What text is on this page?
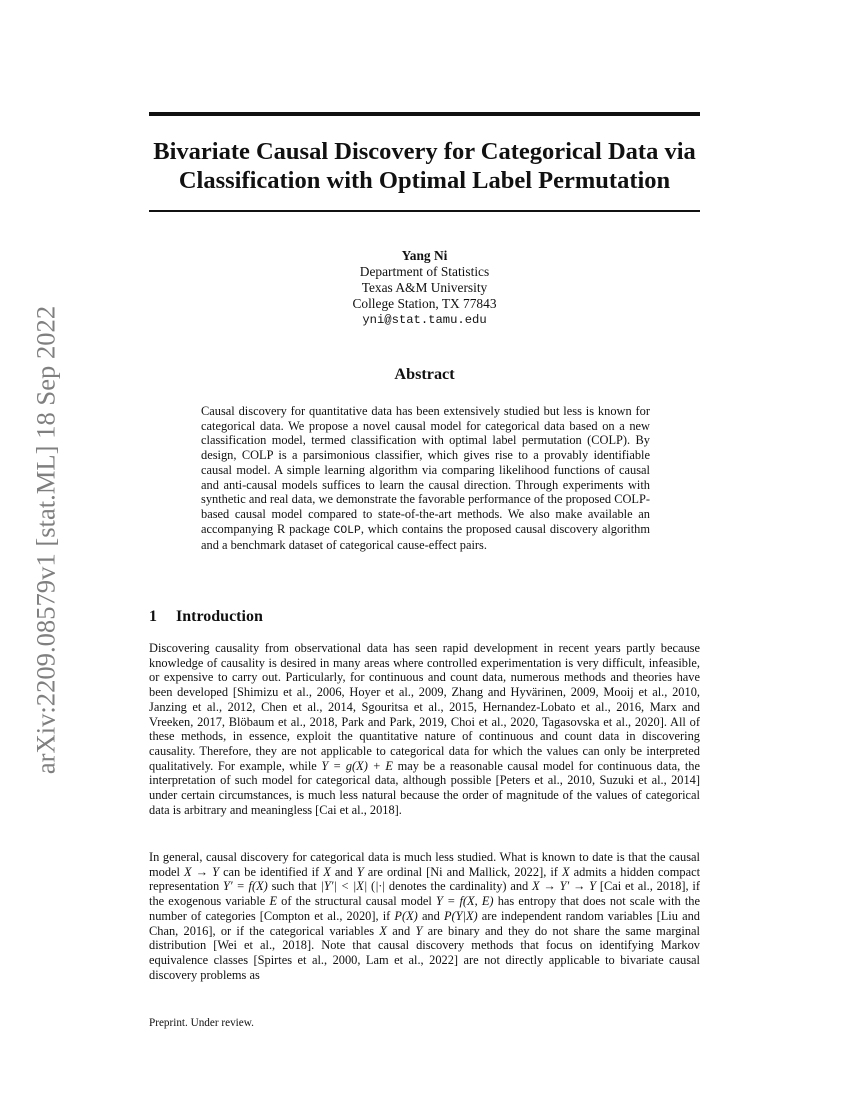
arXiv:2209.08579v1 [stat.ML] 18 Sep 2022
Bivariate Causal Discovery for Categorical Data via
Classification with Optimal Label Permutation
Yang Ni
Department of Statistics
Texas A&M University
College Station, TX 77843
yni@stat.tamu.edu
Abstract
Causal discovery for quantitative data has been extensively studied but less is known for categorical data. We propose a novel causal model for categorical data based on a new classification model, termed classification with optimal label permutation (COLP). By design, COLP is a parsimonious classifier, which gives rise to a provably identifiable causal model. A simple learning algorithm via comparing likelihood functions of causal and anti-causal models suffices to learn the causal direction. Through experiments with synthetic and real data, we demonstrate the favorable performance of the proposed COLP-based causal model compared to state-of-the-art methods. We also make available an accompanying R package COLP, which contains the proposed causal discovery algorithm and a benchmark dataset of categorical cause-effect pairs.
1 Introduction
Discovering causality from observational data has seen rapid development in recent years partly because knowledge of causality is desired in many areas where controlled experimentation is very difficult, infeasible, or expensive to carry out. Particularly, for continuous and count data, numerous methods and theories have been developed [Shimizu et al., 2006, Hoyer et al., 2009, Zhang and Hyvärinen, 2009, Mooij et al., 2010, Janzing et al., 2012, Chen et al., 2014, Sgouritsa et al., 2015, Hernandez-Lobato et al., 2016, Marx and Vreeken, 2017, Blöbaum et al., 2018, Park and Park, 2019, Choi et al., 2020, Tagasovska et al., 2020]. All of these methods, in essence, exploit the quantitative nature of continuous and count data in discovering causality. Therefore, they are not applicable to categorical data for which the values can only be interpreted qualitatively. For example, while Y = g(X) + E may be a reasonable causal model for continuous data, the interpretation of such model for categorical data, although possible [Peters et al., 2010, Suzuki et al., 2014] under certain circumstances, is much less natural because the order of magnitude of the values of categorical data is arbitrary and meaningless [Cai et al., 2018].
In general, causal discovery for categorical data is much less studied. What is known to date is that the causal model X → Y can be identified if X and Y are ordinal [Ni and Mallick, 2022], if X admits a hidden compact representation Y′ = f(X) such that |Y′| < |X| (|·| denotes the cardinality) and X → Y′ → Y [Cai et al., 2018], if the exogenous variable E of the structural causal model Y = f(X, E) has entropy that does not scale with the number of categories [Compton et al., 2020], if P(X) and P(Y|X) are independent random variables [Liu and Chan, 2016], or if the categorical variables X and Y are binary and they do not share the same marginal distribution [Wei et al., 2018]. Note that causal discovery methods that focus on identifying Markov equivalence classes [Spirtes et al., 2000, Lam et al., 2022] are not directly applicable to bivariate causal discovery problems as
Preprint. Under review.
